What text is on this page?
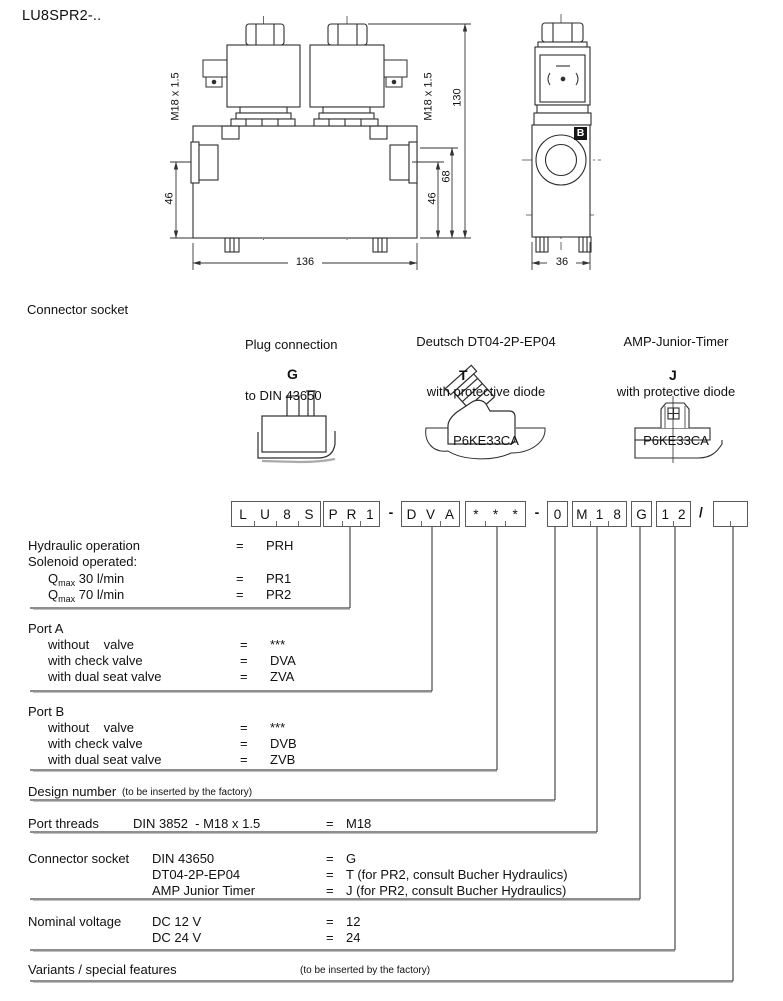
LU8SPR2-..
130
68
46
46
M18 x 1.5	M18 x 1.5
136	36
B
Connector socket

Plug connection

to DIN 43650

Deutsch DT04-2P-EP04

with protective diode

P6KE33CA

AMP-Junior-Timer

with protective diode

P6KE33CA

G	T	J
L U 8	S	P R 1	- D V A	*	*	*	-	0	M 1 8	G	1 2 /
Hydraulic operation	= PRH
Solenoid operated:
$Q_{max}$ 30 l/min	= PR1
$Q_{max}$ 70 l/min	= PR2
Port A
without    valve	= ***
with check valve	= DVA
with dual seat valve	= ZVA
Port B
without    valve	= ***
with check valve	= DVB
with dual seat valve	= ZVB
Design number (to be inserted by the factory)
Port threads	DIN 3852  - M18 x 1.5	= M18
Connector socket DIN 43650	= G
DT04-2P-EP04	= T (for PR2, consult Bucher Hydraulics)
AMP Junior Timer	= J (for PR2, consult Bucher Hydraulics)
Nominal voltage DC 12 V	= 12
DC 24 V	= 24
Variants / special features	(to be inserted by the factory)
